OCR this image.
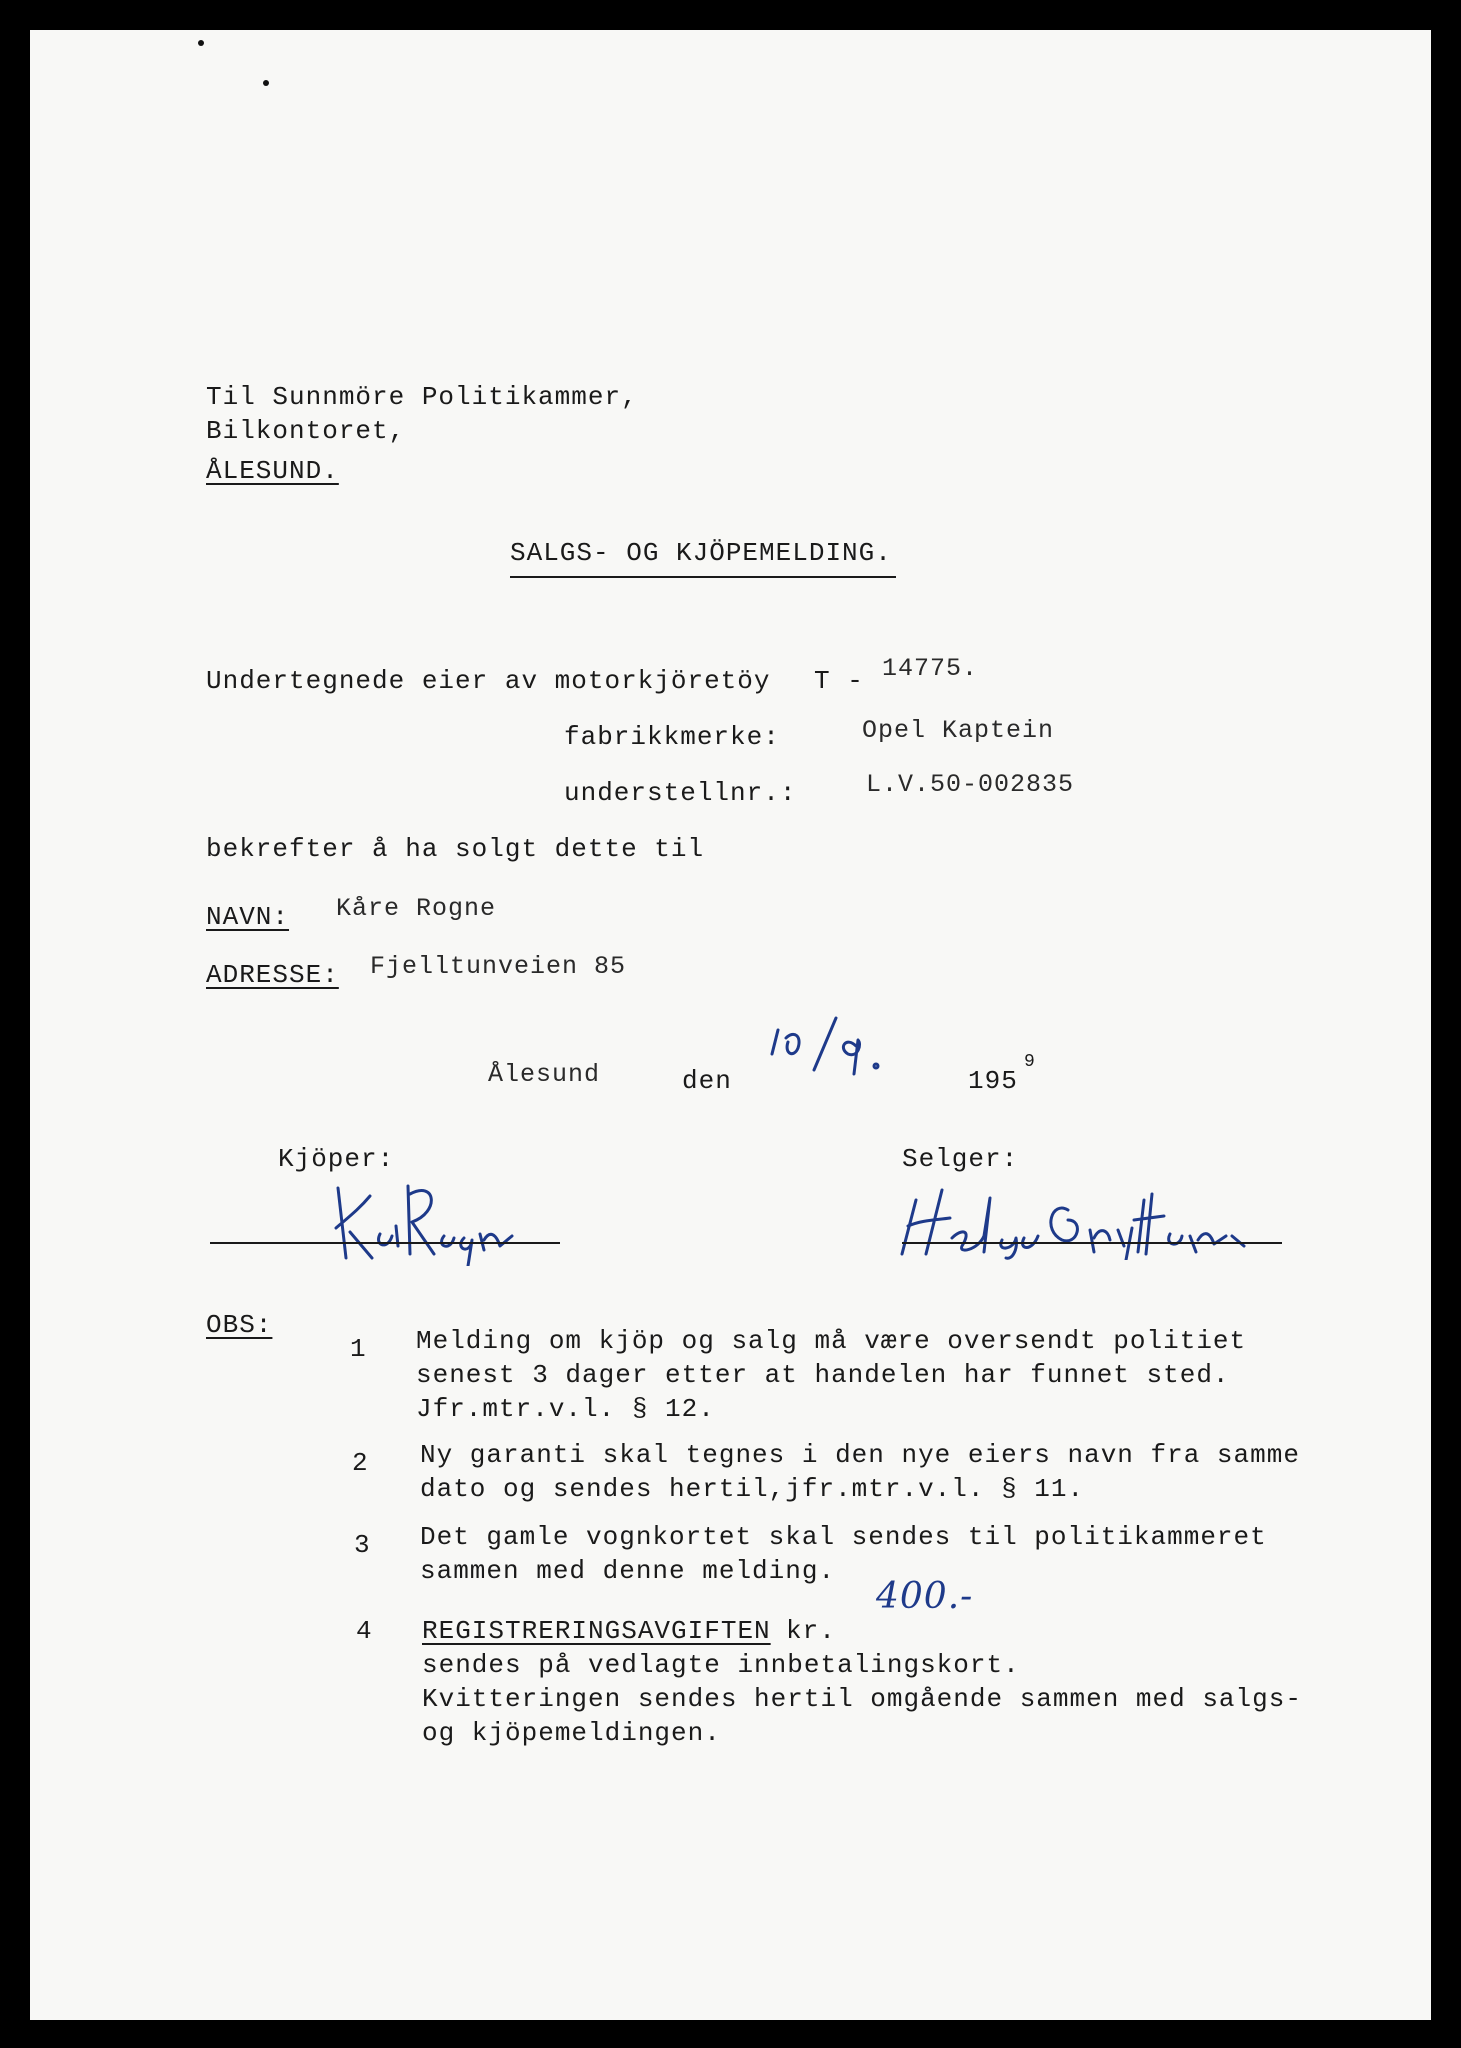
Til Sunnmöre Politikammer,
Bilkontoret,
ÅLESUND.
SALGS- OG KJÖPEMELDING.
Undertegnede eier av motorkjöretöy T - 14775.
fabrikkmerke:	Opel Kaptein
understellnr.:	L.V.50-002835
bekrefter å ha solgt dette til
NAVN: Kåre Rogne
ADRESSE: Fjelltunveien 85
Ålesund	den	195
9
Kjöper:	Selger:
OBS:
1 Melding om kjöp og salg må være oversendt politiet
senest 3 dager etter at handelen har funnet sted.
Jfr.mtr.v.l. § 12.
2 Ny garanti skal tegnes i den nye eiers navn fra samme
dato og sendes hertil,jfr.mtr.v.l. § 11.
3 Det gamle vognkortet skal sendes til politikammeret
sammen med denne melding.
4 REGISTRERINGSAVGIFTEN kr.
400.-
sendes på vedlagte innbetalingskort.
Kvitteringen sendes hertil omgående sammen med salgs-
og kjöpemeldingen.
